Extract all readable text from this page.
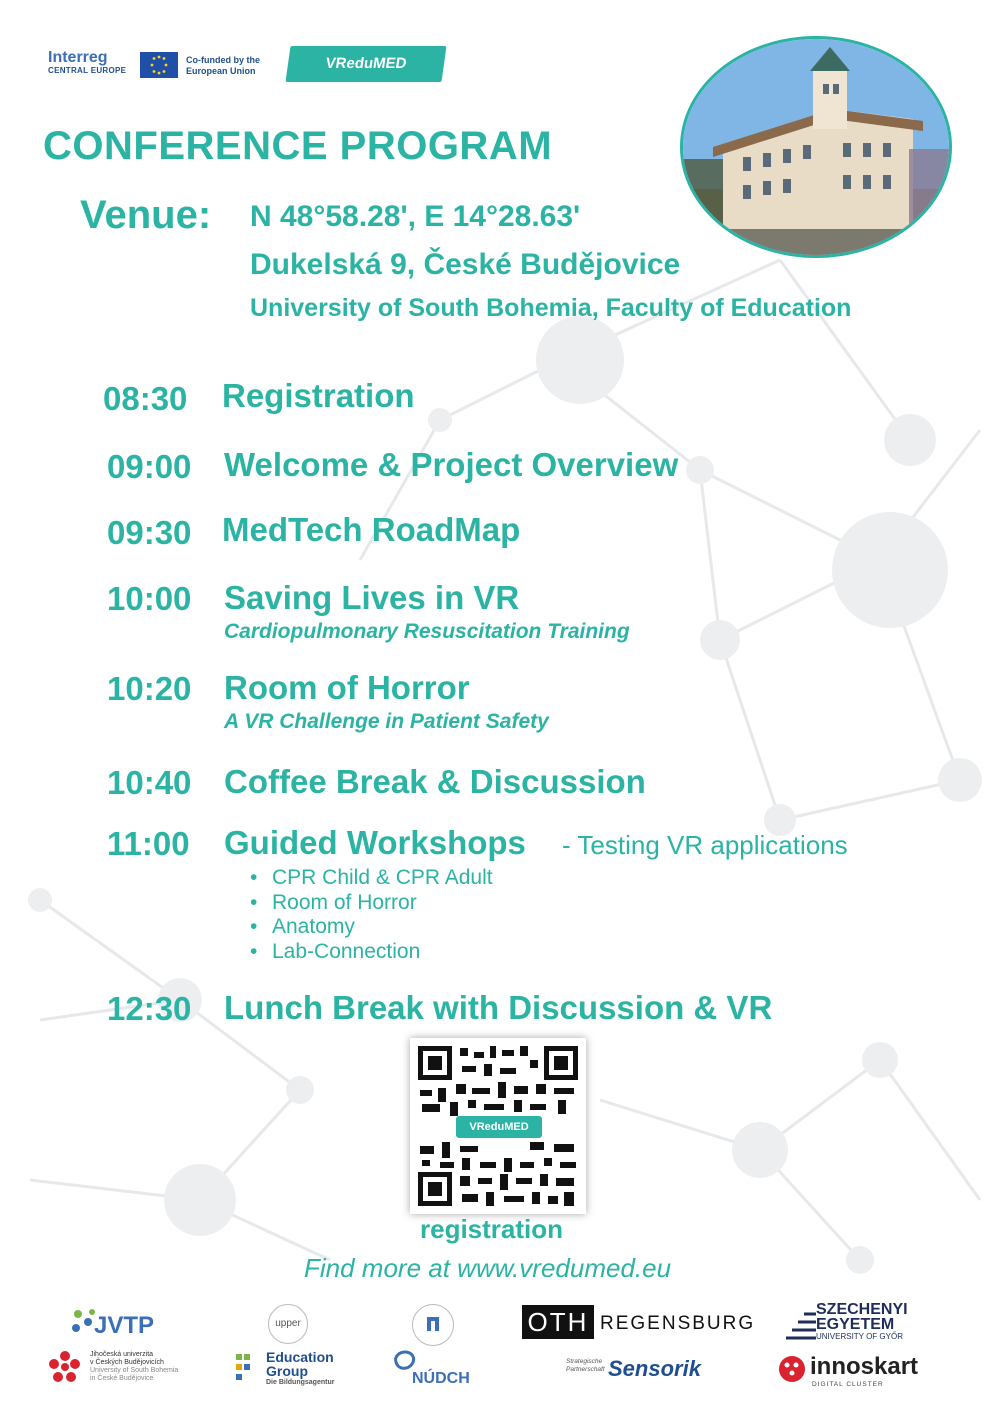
Interreg
CENTRAL EUROPE
Co-funded by the European Union	VReduMED
CONFERENCE PROGRAM
Venue: N 48°58.28', E 14°28.63'
Dukelská 9, České Budějovice
University of South Bohemia, Faculty of Education
08:30 Registration
09:00 Welcome & Project Overview
09:30 MedTech RoadMap
10:00 Saving Lives in VR
Cardiopulmonary Resuscitation Training
10:20 Room of Horror
A VR Challenge in Patient Safety
10:40 Coffee Break & Discussion
11:00 Guided Workshops - Testing VR applications
• CPR Child & CPR Adult
• Room of Horror
• Anatomy
• Lab-Connection
12:30 Lunch Break with Discussion & VR
VReduMED
registration
Find more at www.vredumed.eu
JVTP	upper	OTH REGENSBURG
SZECHENYI
EGYETEM
UNIVERSITY OF GYŐR
Jihočeská univerzita
v Českých Budějovicích
University of South Bohemia
in České Budějovice
Education
Group
Die Bildungsagentur	NÚDCH
Strategische
Partnerschaft Sensorik	innoskart
DIGITAL CLUSTER
